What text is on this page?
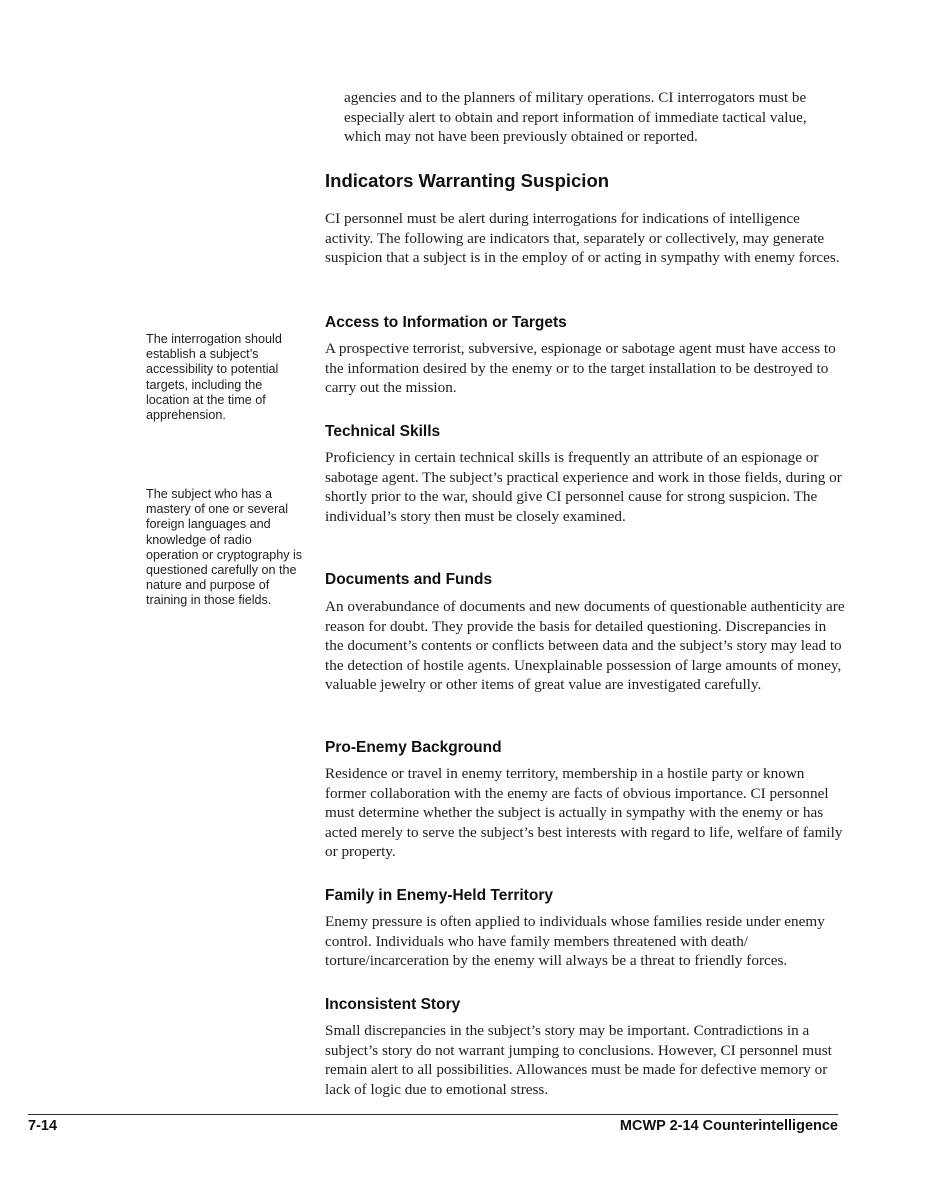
agencies and to the planners of military operations. CI interrogators must be especially alert to obtain and report information of immediate tactical value, which may not have been previously obtained or reported.

Indicators Warranting Suspicion

CI personnel must be alert during interrogations for indications of intelligence activity. The following are indicators that, separately or collectively, may generate suspicion that a subject is in the employ of or acting in sympathy with enemy forces.

Access to Information or Targets

A prospective terrorist, subversive, espionage or sabotage agent must have access to the information desired by the enemy or to the target installation to be destroyed to carry out the mission.

Technical Skills

Proficiency in certain technical skills is frequently an attribute of an espionage or sabotage agent. The subject’s practical experience and work in those fields, during or shortly prior to the war, should give CI personnel cause for strong suspicion. The individual’s story then must be closely examined.

Documents and Funds

An overabundance of documents and new documents of questionable authenticity are reason for doubt. They provide the basis for detailed questioning. Discrepancies in the document’s contents or conflicts between data and the subject’s story may lead to the detection of hostile agents. Unexplainable possession of large amounts of money, valuable jewelry or other items of great value are investigated carefully.

Pro-Enemy Background

Residence or travel in enemy territory, membership in a hostile party or known former collaboration with the enemy are facts of obvious importance. CI personnel must determine whether the subject is actually in sympathy with the enemy or has acted merely to serve the subject’s best interests with regard to life, welfare of family or property.

Family in Enemy-Held Territory

Enemy pressure is often applied to individuals whose families reside under enemy control. Individuals who have family members threatened with death/ torture/incarceration by the enemy will always be a threat to friendly forces.

Inconsistent Story

Small discrepancies in the subject’s story may be important. Contradictions in a subject’s story do not warrant jumping to conclusions. However, CI personnel must remain alert to all possibilities. Allowances must be made for defective memory or lack of logic due to emotional stress.

The interrogation should establish a subject’s accessibility to potential targets, including the location at the time of apprehension.

The subject who has a mastery of one or several foreign languages and knowledge of radio operation or cryptography is questioned carefully on the nature and purpose of training in those fields.

7-14	MCWP 2-14 Counterintelligence
